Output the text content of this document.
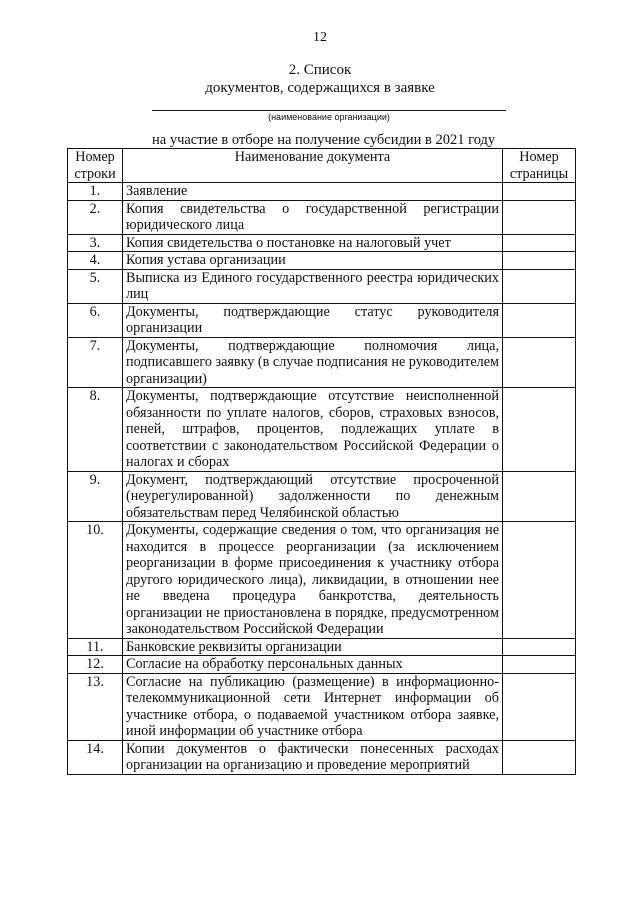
12
2. Список
документов, содержащихся в заявке
(наименование организации)
на участие в отборе на получение субсидии в 2021 году
Номер строки	Наименование документа	Номер страницы
1.	Заявление	
2.	Копия свидетельства о государственной регистрации юридического лица	
3.	Копия свидетельства о постановке на налоговый учет	
4.	Копия устава организации	
5.	Выписка из Единого государственного реестра юридических лиц	
6.	Документы, подтверждающие статус руководителя организации	
7.	Документы, подтверждающие полномочия лица, подписавшего заявку (в случае подписания не руководителем организации)	
8.	Документы, подтверждающие отсутствие неисполненной обязанности по уплате налогов, сборов, страховых взносов, пеней, штрафов, процентов, подлежащих уплате в соответствии с законодательством Российской Федерации о налогах и сборах	
9.	Документ, подтверждающий отсутствие просроченной (неурегулированной) задолженности по денежным обязательствам перед Челябинской областью	
10.	Документы, содержащие сведения о том, что организация не находится в процессе реорганизации (за исключением реорганизации в форме присоединения к участнику отбора другого юридического лица), ликвидации, в отношении нее не введена процедура банкротства, деятельность организации не приостановлена в порядке, предусмотренном законодательством Российской Федерации	
11.	Банковские реквизиты организации	
12.	Согласие на обработку персональных данных	
13.	Согласие на публикацию (размещение) в информационно-телекоммуникационной сети Интернет информации об участнике отбора, о подаваемой участником отбора заявке, иной информации об участнике отбора	
14.	Копии документов о фактически понесенных расходах организации на организацию и проведение мероприятий	
